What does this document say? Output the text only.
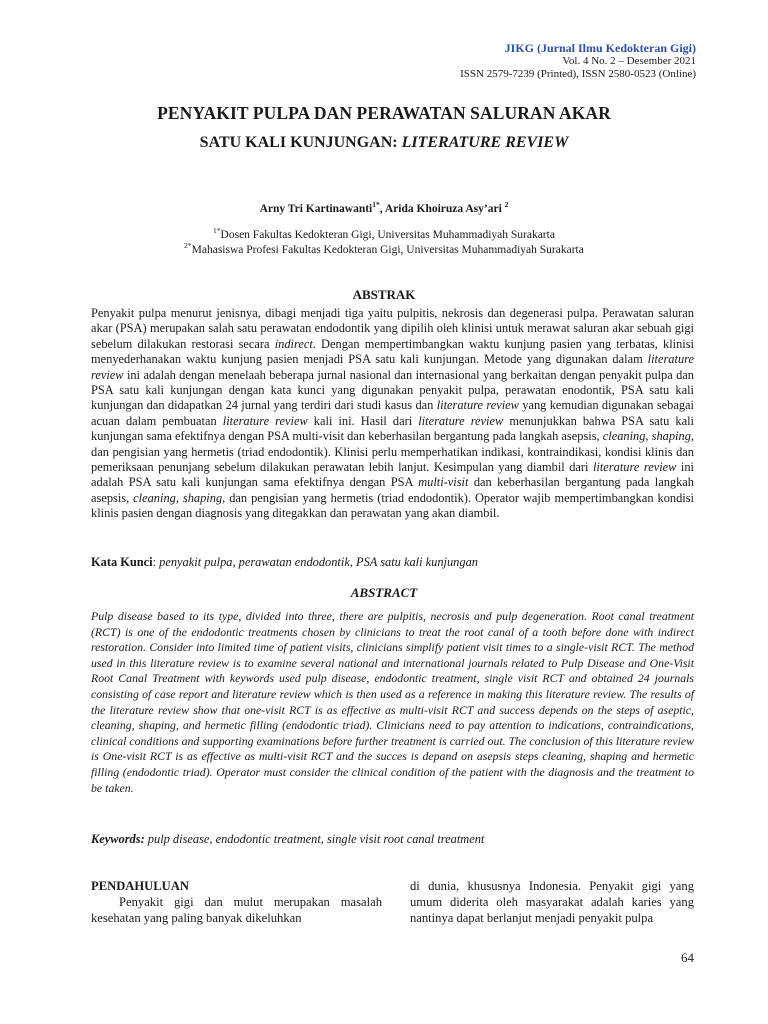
JIKG (Jurnal Ilmu Kedokteran Gigi)
Vol. 4 No. 2 – Desember 2021
ISSN 2579-7239 (Printed), ISSN 2580-0523 (Online)
PENYAKIT PULPA DAN PERAWATAN SALURAN AKAR
SATU KALI KUNJUNGAN: LITERATURE REVIEW
Arny Tri Kartinawanti$^{1*}$, Arida Khoiruza Asy’ari $^2$
$^{1*}$Dosen Fakultas Kedokteran Gigi, Universitas Muhammadiyah Surakarta
$^{2*}$Mahasiswa Profesi Fakultas Kedokteran Gigi, Universitas Muhammadiyah Surakarta
ABSTRAK
Penyakit pulpa menurut jenisnya, dibagi menjadi tiga yaitu pulpitis, nekrosis dan degenerasi pulpa. Perawatan saluran akar (PSA) merupakan salah satu perawatan endodontik yang dipilih oleh klinisi untuk merawat saluran akar sebuah gigi sebelum dilakukan restorasi secara indirect. Dengan mempertimbangkan waktu kunjung pasien yang terbatas, klinisi menyederhanakan waktu kunjung pasien menjadi PSA satu kali kunjungan. Metode yang digunakan dalam literature review ini adalah dengan menelaah beberapa jurnal nasional dan internasional yang berkaitan dengan penyakit pulpa dan PSA satu kali kunjungan dengan kata kunci yang digunakan penyakit pulpa, perawatan enodontik, PSA satu kali kunjungan dan didapatkan 24 jurnal yang terdiri dari studi kasus dan literature review yang kemudian digunakan sebagai acuan dalam pembuatan literature review kali ini. Hasil dari literature review menunjukkan bahwa PSA satu kali kunjungan sama efektifnya dengan PSA multi-visit dan keberhasilan bergantung pada langkah asepsis, cleaning, shaping, dan pengisian yang hermetis (triad endodontik). Klinisi perlu memperhatikan indikasi, kontraindikasi, kondisi klinis dan pemeriksaan penunjang sebelum dilakukan perawatan lebih lanjut. Kesimpulan yang diambil dari literature review ini adalah PSA satu kali kunjungan sama efektifnya dengan PSA multi-visit dan keberhasilan bergantung pada langkah asepsis, cleaning, shaping, dan pengisian yang hermetis (triad endodontik). Operator wajib mempertimbangkan kondisi klinis pasien dengan diagnosis yang ditegakkan dan perawatan yang akan diambil.
Kata Kunci: penyakit pulpa, perawatan endodontik, PSA satu kali kunjungan
ABSTRACT
Pulp disease based to its type, divided into three, there are pulpitis, necrosis and pulp degeneration. Root canal treatment (RCT) is one of the endodontic treatments chosen by clinicians to treat the root canal of a tooth before done with indirect restoration. Consider into limited time of patient visits, clinicians simplify patient visit times to a single-visit RCT. The method used in this literature review is to examine several national and international journals related to Pulp Disease and One-Visit Root Canal Treatment with keywords used pulp disease, endodontic treatment, single visit RCT and obtained 24 journals consisting of case report and literature review which is then used as a reference in making this literature review. The results of the literature review show that one-visit RCT is as effective as multi-visit RCT and success depends on the steps of aseptic, cleaning, shaping, and hermetic filling (endodontic triad). Clinicians need to pay attention to indications, contraindications, clinical conditions and supporting examinations before further treatment is carried out. The conclusion of this literature review is One-visit RCT is as effective as multi-visit RCT and the succes is depand on asepsis steps cleaning, shaping and hermetic filling (endodontic triad). Operator must consider the clinical condition of the patient with the diagnosis and the treatment to be taken.
Keywords: pulp disease, endodontic treatment, single visit root canal treatment
PENDAHULUAN
Penyakit gigi dan mulut merupakan masalah kesehatan yang paling banyak dikeluhkan
di dunia, khususnya Indonesia. Penyakit gigi yang umum diderita oleh masyarakat adalah karies yang nantinya dapat berlanjut menjadi penyakit pulpa
64
